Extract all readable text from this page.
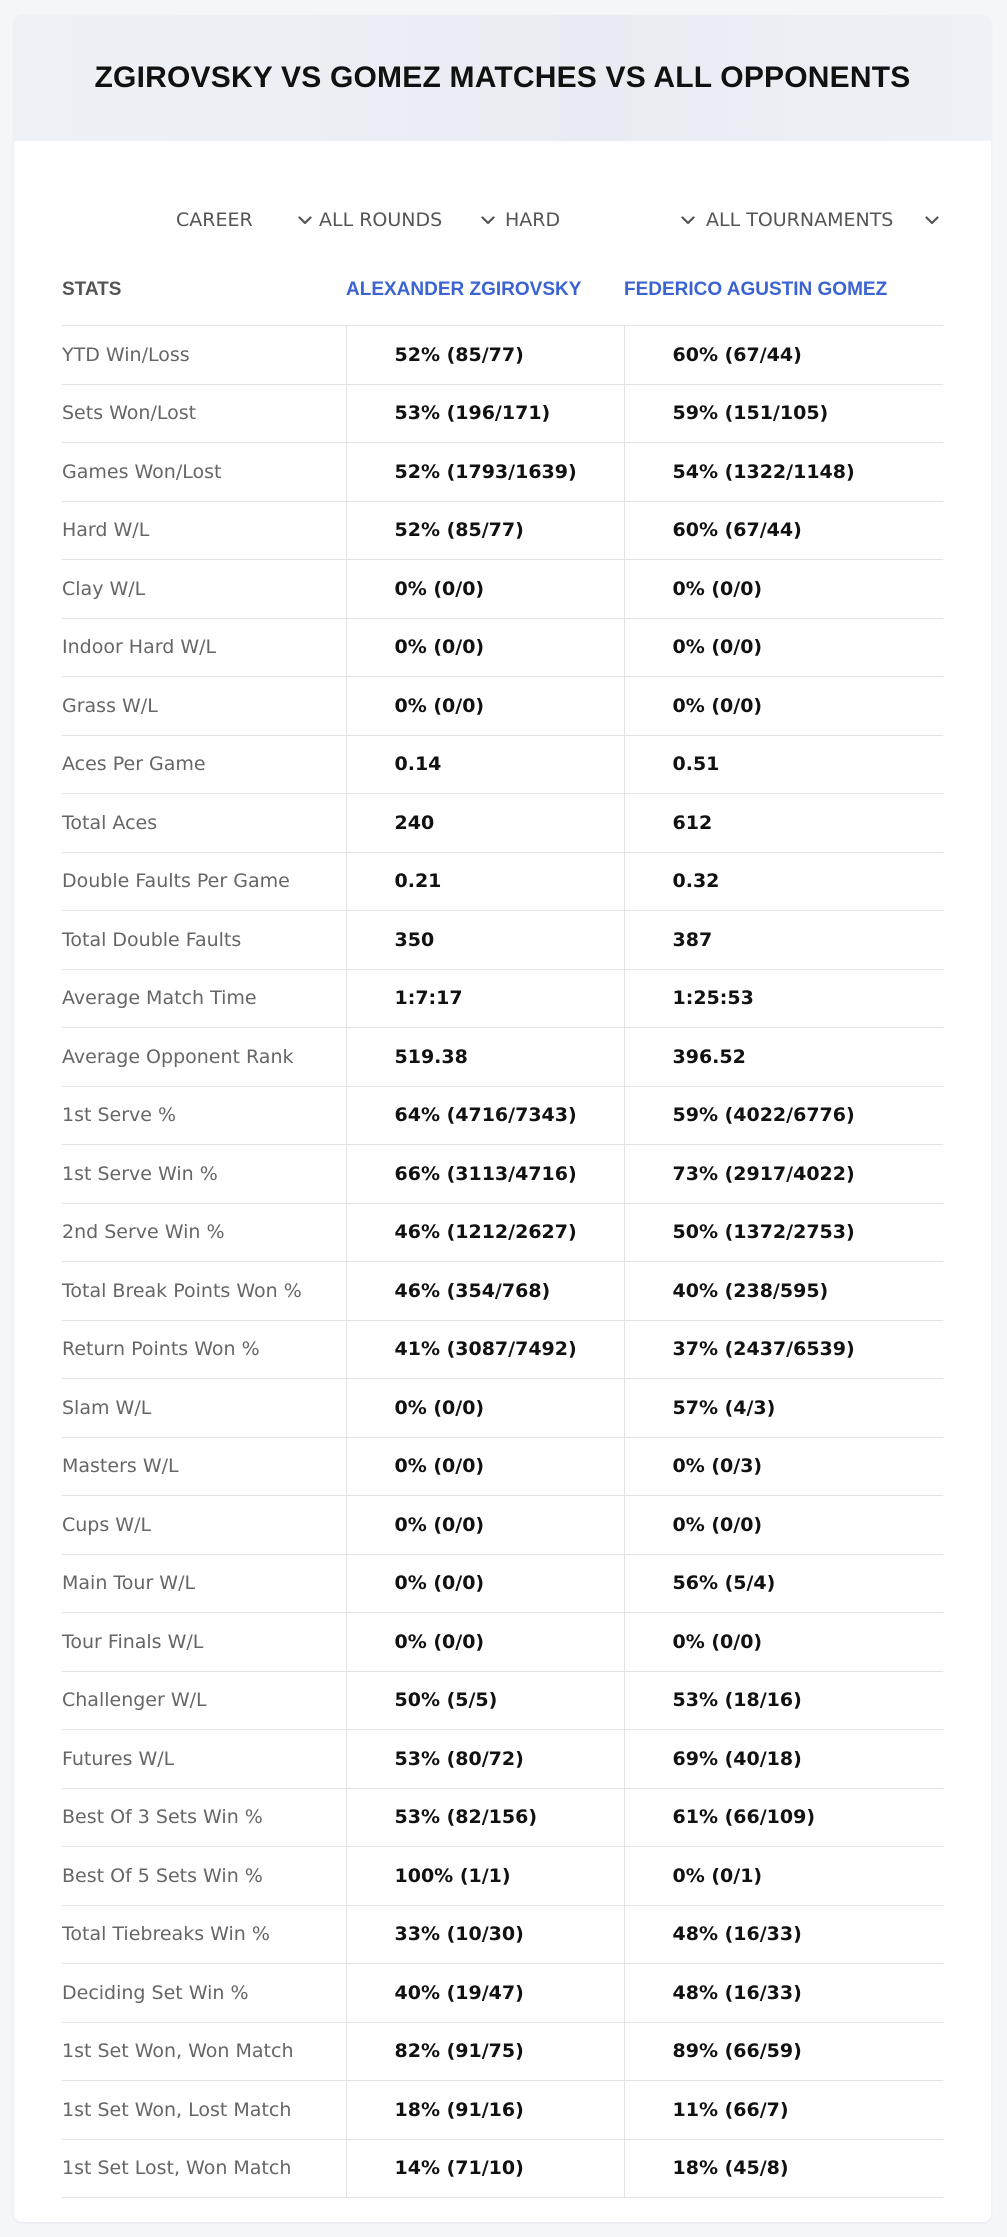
ZGIROVSKY VS GOMEZ MATCHES VS ALL OPPONENTS
CAREER	ALL ROUNDS	HARD	ALL TOURNAMENTS
STATS	ALEXANDER ZGIROVSKY	FEDERICO AGUSTIN GOMEZ
YTD Win/Loss	52% (85/77)	60% (67/44)
Sets Won/Lost	53% (196/171)	59% (151/105)
Games Won/Lost	52% (1793/1639)	54% (1322/1148)
Hard W/L	52% (85/77)	60% (67/44)
Clay W/L	0% (0/0)	0% (0/0)
Indoor Hard W/L	0% (0/0)	0% (0/0)
Grass W/L	0% (0/0)	0% (0/0)
Aces Per Game	0.14	0.51
Total Aces	240	612
Double Faults Per Game	0.21	0.32
Total Double Faults	350	387
Average Match Time	1:7:17	1:25:53
Average Opponent Rank	519.38	396.52
1st Serve %	64% (4716/7343)	59% (4022/6776)
1st Serve Win %	66% (3113/4716)	73% (2917/4022)
2nd Serve Win %	46% (1212/2627)	50% (1372/2753)
Total Break Points Won %	46% (354/768)	40% (238/595)
Return Points Won %	41% (3087/7492)	37% (2437/6539)
Slam W/L	0% (0/0)	57% (4/3)
Masters W/L	0% (0/0)	0% (0/3)
Cups W/L	0% (0/0)	0% (0/0)
Main Tour W/L	0% (0/0)	56% (5/4)
Tour Finals W/L	0% (0/0)	0% (0/0)
Challenger W/L	50% (5/5)	53% (18/16)
Futures W/L	53% (80/72)	69% (40/18)
Best Of 3 Sets Win %	53% (82/156)	61% (66/109)
Best Of 5 Sets Win %	100% (1/1)	0% (0/1)
Total Tiebreaks Win %	33% (10/30)	48% (16/33)
Deciding Set Win %	40% (19/47)	48% (16/33)
1st Set Won, Won Match	82% (91/75)	89% (66/59)
1st Set Won, Lost Match	18% (91/16)	11% (66/7)
1st Set Lost, Won Match	14% (71/10)	18% (45/8)
